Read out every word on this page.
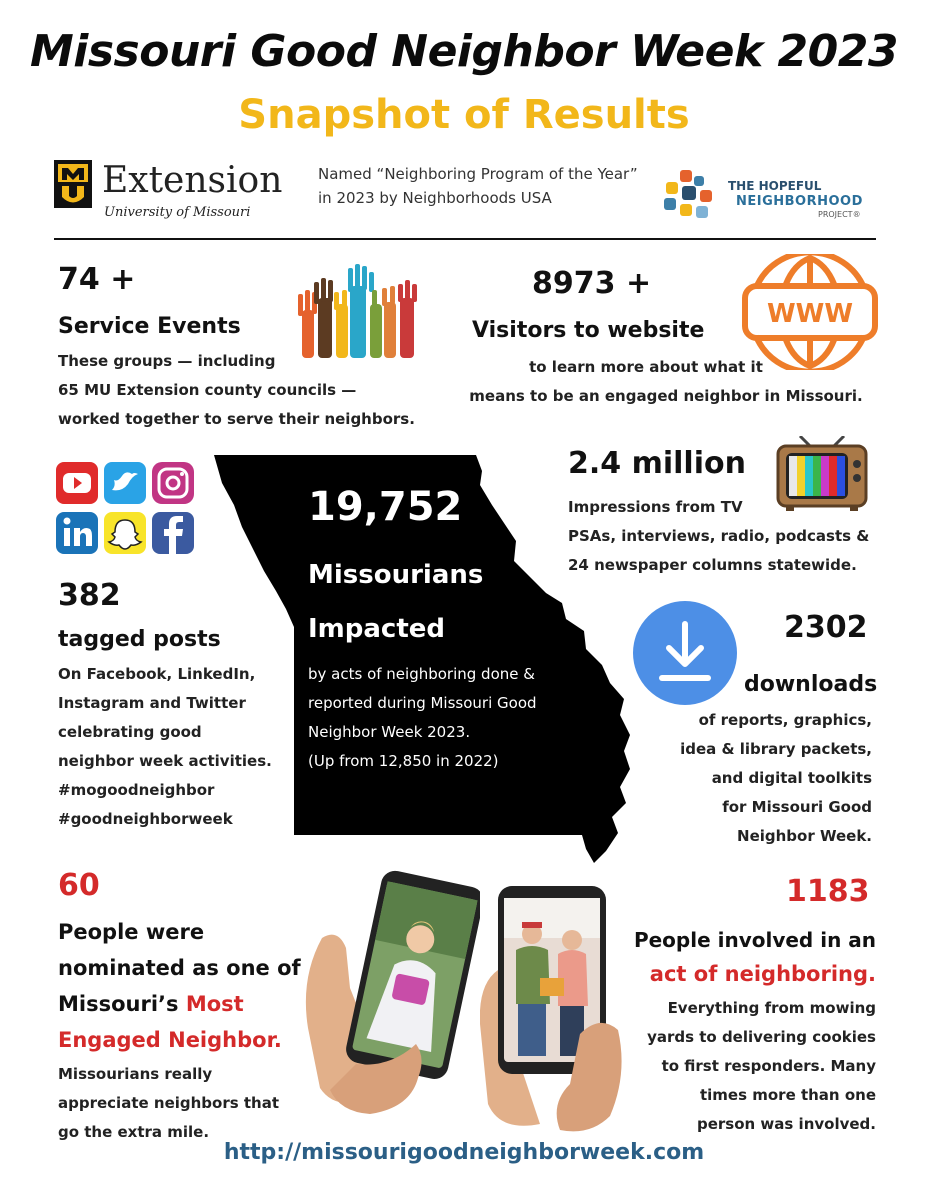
Missouri Good Neighbor Week 2023
Snapshot of Results
Extension
University of Missouri
Named “Neighboring Program of the Year” in 2023 by Neighborhoods USA
THE HOPEFUL
NEIGHBORHOOD
PROJECT®
74 +
Service Events
These groups — including
65 MU Extension county councils —
worked together to serve their neighbors.
8973 +
Visitors to website
to learn more about what it
means to be an engaged neighbor in Missouri.
WWW
382
tagged posts
On Facebook, LinkedIn,
Instagram and Twitter
celebrating good
neighbor week activities.
#mogoodneighbor
#goodneighborweek
19,752
Missourians
Impacted
by acts of neighboring done &
reported during Missouri Good
Neighbor Week 2023.
(Up from 12,850 in 2022)
2.4 million
Impressions from TV
PSAs, interviews, radio, podcasts &
24 newspaper columns statewide.
2302
downloads
of reports, graphics,
idea & library packets,
and digital toolkits
for Missouri Good
Neighbor Week.
60
People were
nominated as one of
Missouri’s Most
Engaged Neighbor.
Missourians really
appreciate neighbors that
go the extra mile.
1183
People involved in an
act of neighboring.
Everything from mowing
yards to delivering cookies
to first responders. Many
times more than one
person was involved.
http://missourigoodneighborweek.com
